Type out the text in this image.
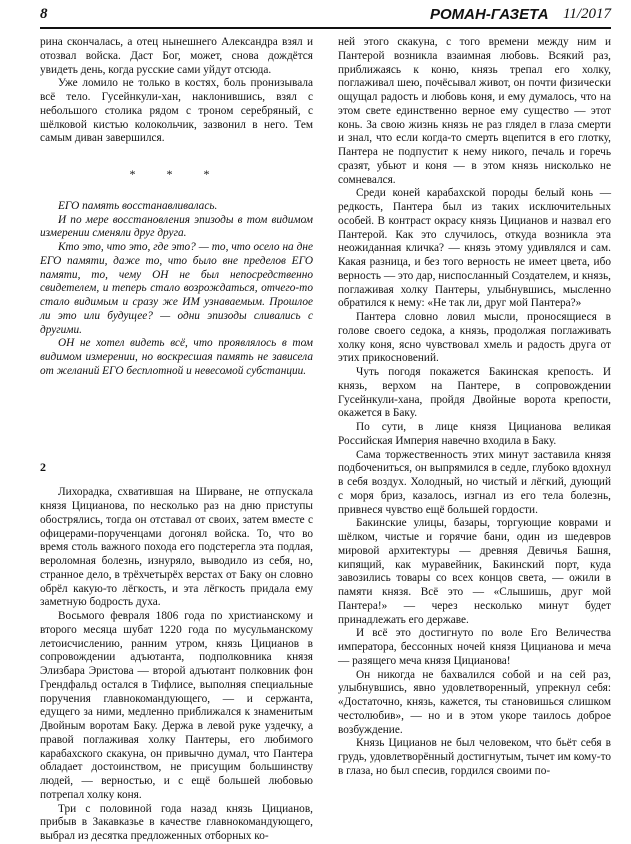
8	РОМАН-ГАЗЕТА 11/2017

рина скончалась, а отец нынешнего Александра взял и отозвал войска. Даст Бог, может, снова дождётся увидеть день, когда русские сами уйдут отсюда.

Уже ломило не только в костях, боль пронизывала всё тело. Гусейнкули-хан, наклонившись, взял с небольшого столика рядом с троном серебряный, с шёлковой кистью колокольчик, зазвонил в него. Тем самым диван завершился.

* * *

ЕГО память восстанавливалась.

И по мере восстановления эпизоды в том видимом измерении сменяли друг друга.

Кто это, что это, где это? — то, что осело на дне ЕГО памяти, даже то, что было вне пределов ЕГО памяти, то, чему ОН не был непосредственно свидетелем, и теперь стало возрождаться, отчего-то стало видимым и сразу же ИМ узнаваемым. Прошлое ли это или будущее? — одни эпизоды сливались с другими.

ОН не хотел видеть всё, что проявлялось в том видимом измерении, но воскресшая память не зависела от желаний ЕГО бесплотной и невесомой субстанции.

2

Лихорадка, схватившая на Ширване, не отпускала князя Цицианова, по несколько раз на дню приступы обострялись, тогда он отставал от своих, затем вместе с офицерами-порученцами догонял войска. То, что во время столь важного похода его подстерегла эта подлая, вероломная болезнь, изнуряло, выводило из себя, но, странное дело, в трёхчетырёх верстах от Баку он словно обрёл какую-то лёгкость, и эта лёгкость придала ему заметную бодрость духа.

Восьмого февраля 1806 года по христианскому и второго месяца шубат 1220 года по мусульманскому летоисчислению, ранним утром, князь Цицианов в сопровождении адъютанта, подполковника князя Элизбара Эристова — второй адъютант полковник фон Грендфальд остался в Тифлисе, выполняя специальные поручения главнокомандующего, — и сержанта, едущего за ними, медленно приближался к знаменитым Двойным воротам Баку. Держа в левой руке уздечку, а правой поглаживая холку Пантеры, его любимого карабахского скакуна, он привычно думал, что Пантера обладает достоинством, не присущим большинству людей, — верностью, и с ещё большей любовью потрепал холку коня.

Три с половиной года назад князь Цицианов, прибыв в Закавказье в качестве главнокомандующего, выбрал из десятка предложенных отборных ко-

ней этого скакуна, с того времени между ним и Пантерой возникла взаимная любовь. Всякий раз, приближаясь к коню, князь трепал его холку, поглаживал шею, почёсывал живот, он почти физически ощущал радость и любовь коня, и ему думалось, что на этом свете единственно верное ему существо — этот конь. За свою жизнь князь не раз глядел в глаза смерти и знал, что если когда-то смерть вцепится в его глотку, Пантера не подпустит к нему никого, печаль и горечь сразят, убьют и коня — в этом князь нисколько не сомневался.

Среди коней карабахской породы белый конь — редкость, Пантера был из таких исключительных особей. В контраст окрасу князь Цицианов и назвал его Пантерой. Как это случилось, откуда возникла эта неожиданная кличка? — князь этому удивлялся и сам. Какая разница, и без того верность не имеет цвета, ибо верность — это дар, ниспосланный Создателем, и князь, поглаживая холку Пантеры, улыбнувшись, мысленно обратился к нему: «Не так ли, друг мой Пантера?»

Пантера словно ловил мысли, проносящиеся в голове своего седока, а князь, продолжая поглаживать холку коня, ясно чувствовал хмель и радость друга от этих прикосновений.

Чуть погодя покажется Бакинская крепость. И князь, верхом на Пантере, в сопровождении Гусейнкули-хана, пройдя Двойные ворота крепости, окажется в Баку.

По сути, в лице князя Цицианова великая Российская Империя навечно входила в Баку.

Сама торжественность этих минут заставила князя подбочениться, он выпрямился в седле, глубоко вдохнул в себя воздух. Холодный, но чистый и лёгкий, дующий с моря бриз, казалось, изгнал из его тела болезнь, привнеся чувство ещё большей гордости.

Бакинские улицы, базары, торгующие коврами и шёлком, чистые и горячие бани, один из шедевров мировой архитектуры — древняя Девичья Башня, кипящий, как муравейник, Бакинский порт, куда завозились товары со всех концов света, — ожили в памяти князя. Всё это — «Слышишь, друг мой Пантера!» — через несколько минут будет принадлежать его державе.

И всё это достигнуто по воле Его Величества императора, бессонных ночей князя Цицианова и меча — разящего меча князя Цицианова!

Он никогда не бахвалился собой и на сей раз, улыбнувшись, явно удовлетворенный, упрекнул себя: «Достаточно, князь, кажется, ты становишься слишком честолюбив», — но и в этом укоре таилось доброе возбуждение.

Князь Цицианов не был человеком, что бьёт себя в грудь, удовлетворённый достигнутым, тычет им кому-то в глаза, но был спесив, гордился своими по-
